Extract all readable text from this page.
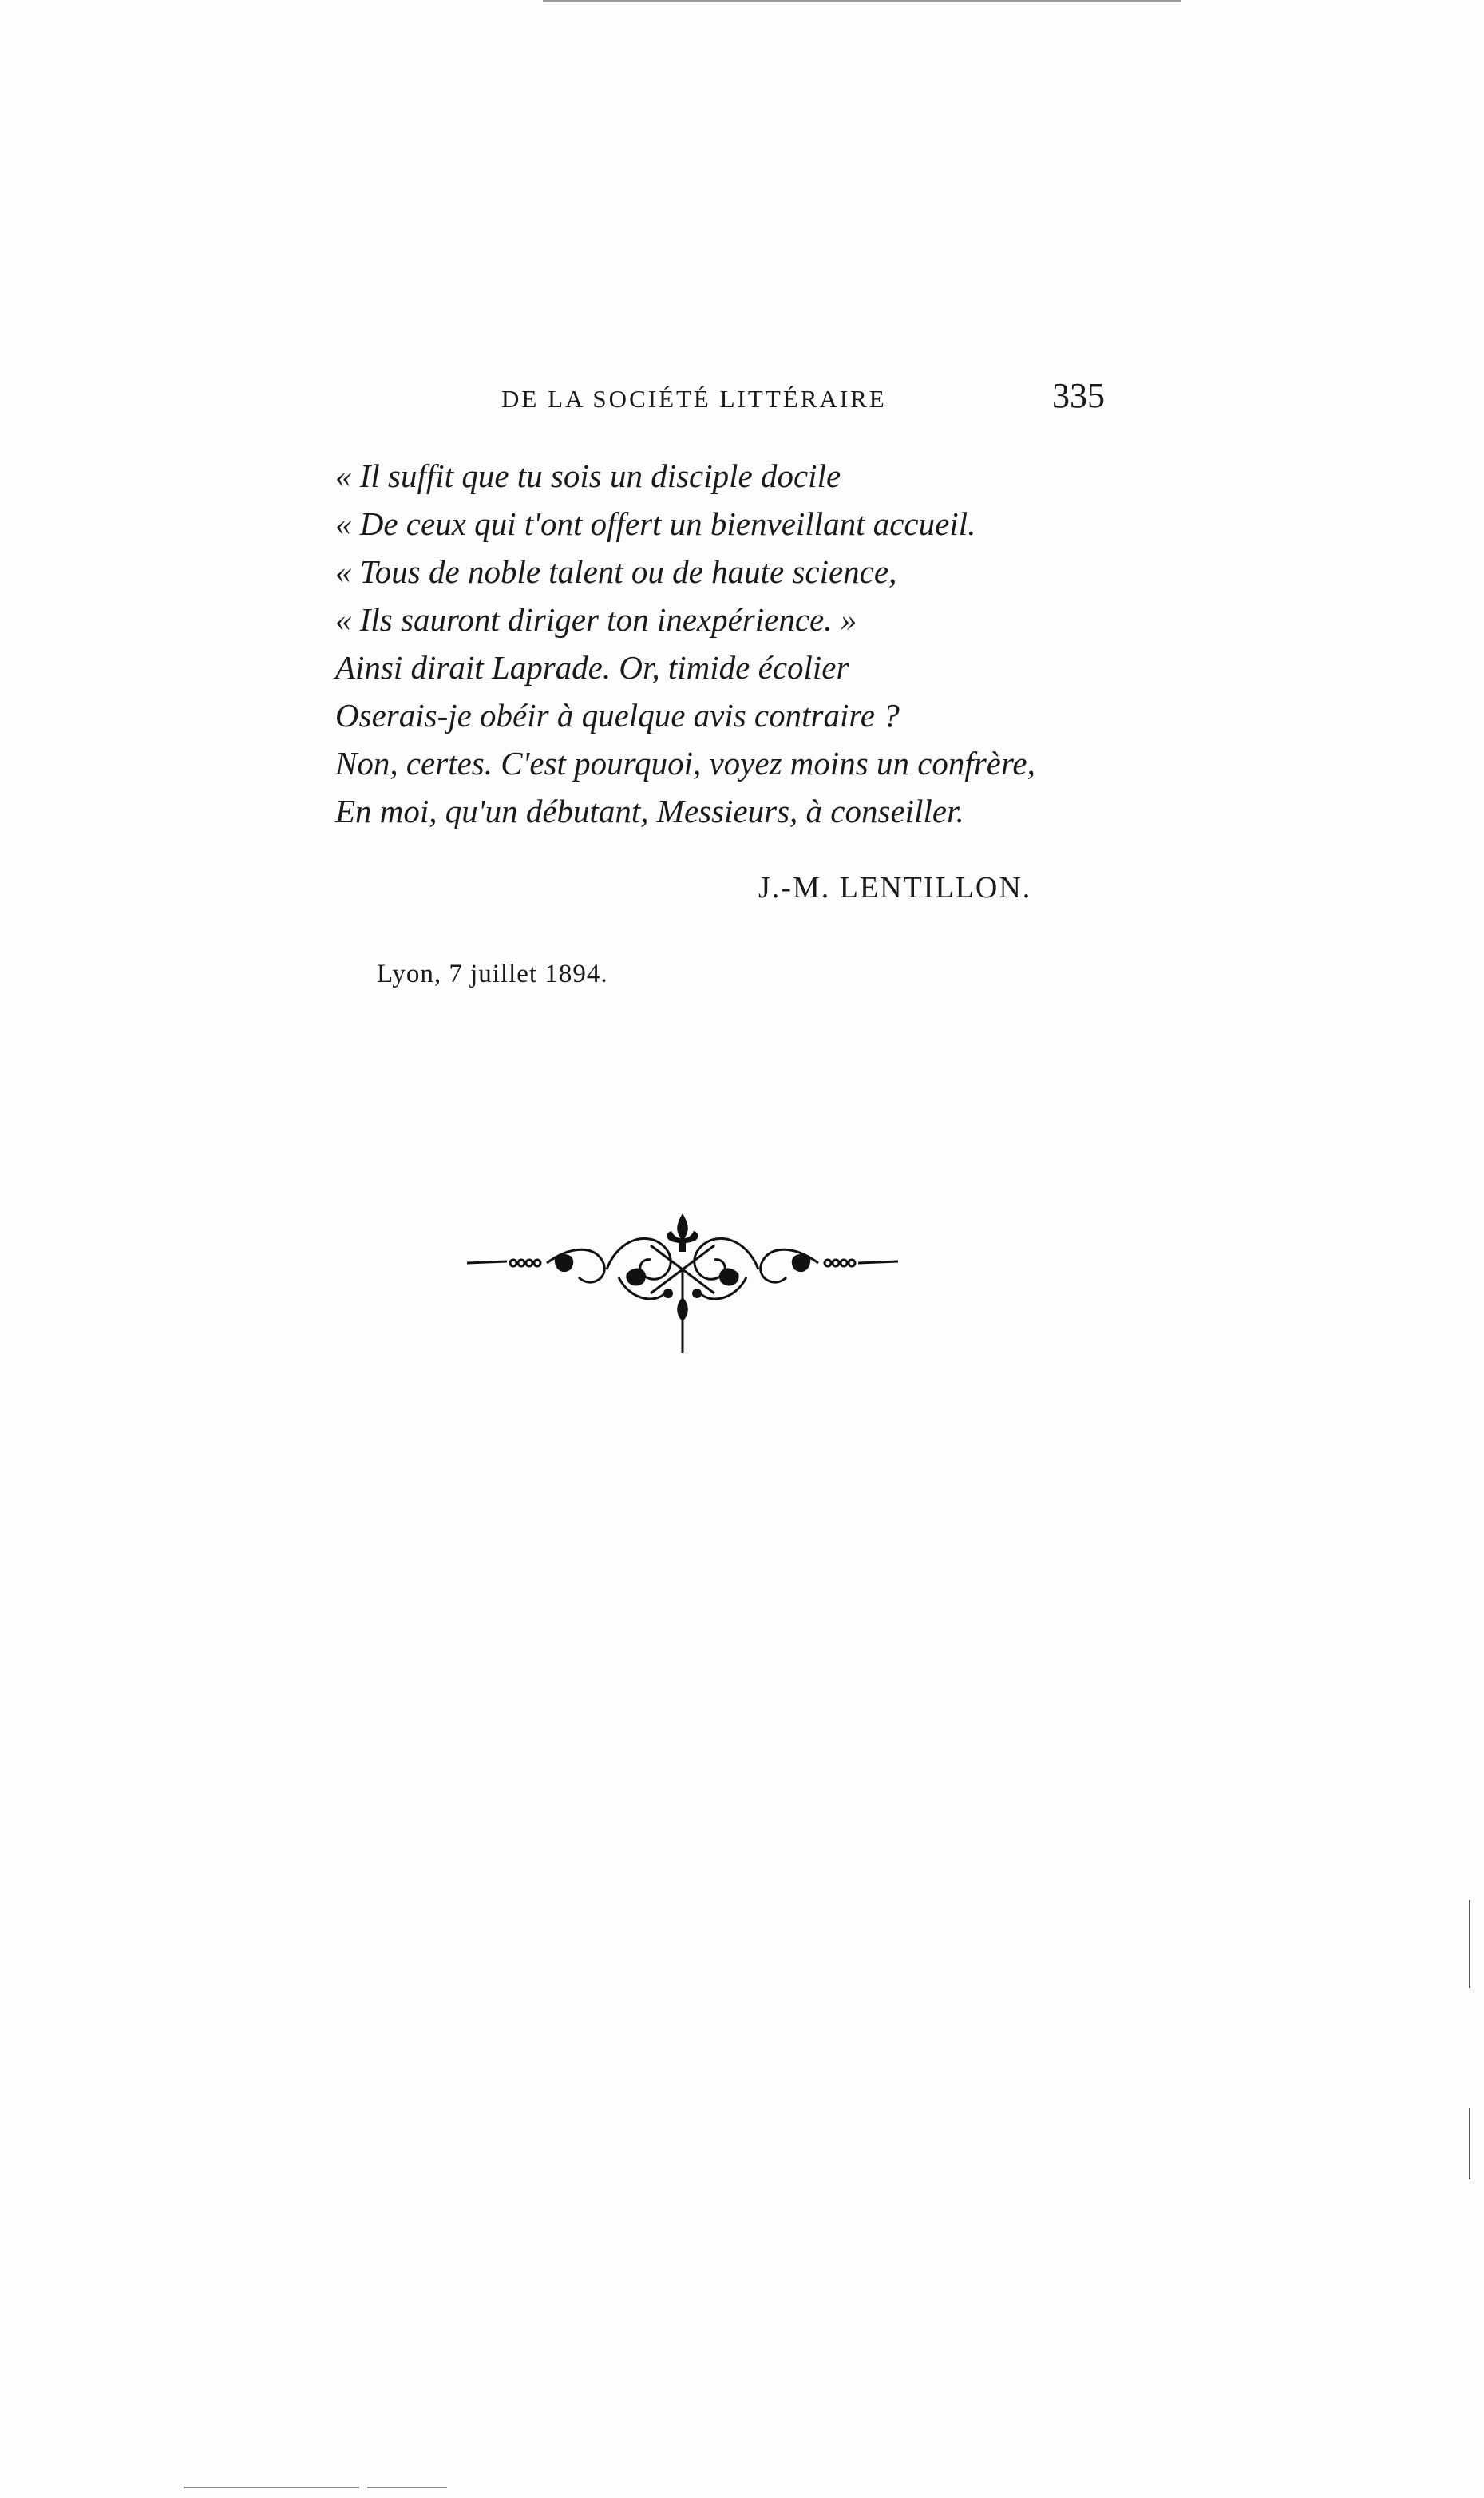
DE LA SOCIÉTÉ LITTÉRAIRE	335
« Il suffit que tu sois un disciple docile
« De ceux qui t'ont offert un bienveillant accueil.
« Tous de noble talent ou de haute science,
« Ils sauront diriger ton inexpérience. »
Ainsi dirait Laprade. Or, timide écolier
Oserais-je obéir à quelque avis contraire ?
Non, certes. C'est pourquoi, voyez moins un confrère,
En moi, qu'un débutant, Messieurs, à conseiller.
J.-M. LENTILLON.
Lyon, 7 juillet 1894.
